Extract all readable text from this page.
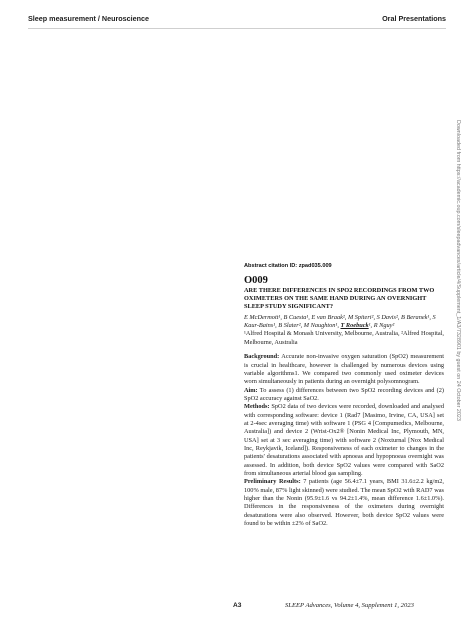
Sleep measurement / Neuroscience	Oral Presentations
Downloaded from https://academic.oup.com/sleepadvances/article/4/Supplement_1/A3/7328901 by guest on 24 October 2023

Abstract citation ID: zpad035.009

O009

ARE THERE DIFFERENCES IN SPO2 RECORDINGS FROM TWO OXIMETERS ON THE SAME HAND DURING AN OVERNIGHT SLEEP STUDY SIGNIFICANT?

E McDermott¹, B Cuesta¹, E van Braak², M Spiteri², S Davis², B Beranek¹, S Kaur-Bains¹, B Slater², M Naughton¹, T Roebuck¹, R Nguy²

¹Alfred Hospital & Monash University, Melbourne, Australia, ²Alfred Hospital, Melbourne, Australia

Background: Accurate non-invasive oxygen saturation (SpO2) measurement is crucial in healthcare, however is challenged by numerous devices using variable algorithms1. We compared two commonly used oximeter devices worn simultaneously in patients during an overnight polysomnogram.

Aim: To assess (1) differences between two SpO2 recording devices and (2) SpO2 accuracy against SaO2.

Methods: SpO2 data of two devices were recorded, downloaded and analysed with corresponding software: device 1 (Rad7 [Masimo, Irvine, CA, USA] set at 2-4sec averaging time) with software 1 (PSG 4 [Compumedics, Melbourne, Australia]) and device 2 (Wrist-Ox2® [Nonin Medical Inc, Plymouth, MN, USA] set at 3 sec averaging time) with software 2 (Noxturnal [Nox Medical Inc, Reykjavik, Iceland]). Responsiveness of each oximeter to changes in the patients' desaturations associated with apnoeas and hypopnoeas overnight was assessed. In addition, both device SpO2 values were compared with SaO2 from simultaneous arterial blood gas sampling.

Preliminary Results: 7 patients (age 56.4±7.1 years, BMI 31.6±2.2 kg/m2, 100% male, 87% light skinned) were studied. The mean SpO2 with RAD7 was higher than the Nonin (95.9±1.6 vs 94.2±1.4%, mean difference 1.6±1.0%). Differences in the responsiveness of the oximeters during overnight desaturations were also observed. However, both device SpO2 values were found to be within ±2% of SaO2.

A3	SLEEP Advances, Volume 4, Supplement 1, 2023
